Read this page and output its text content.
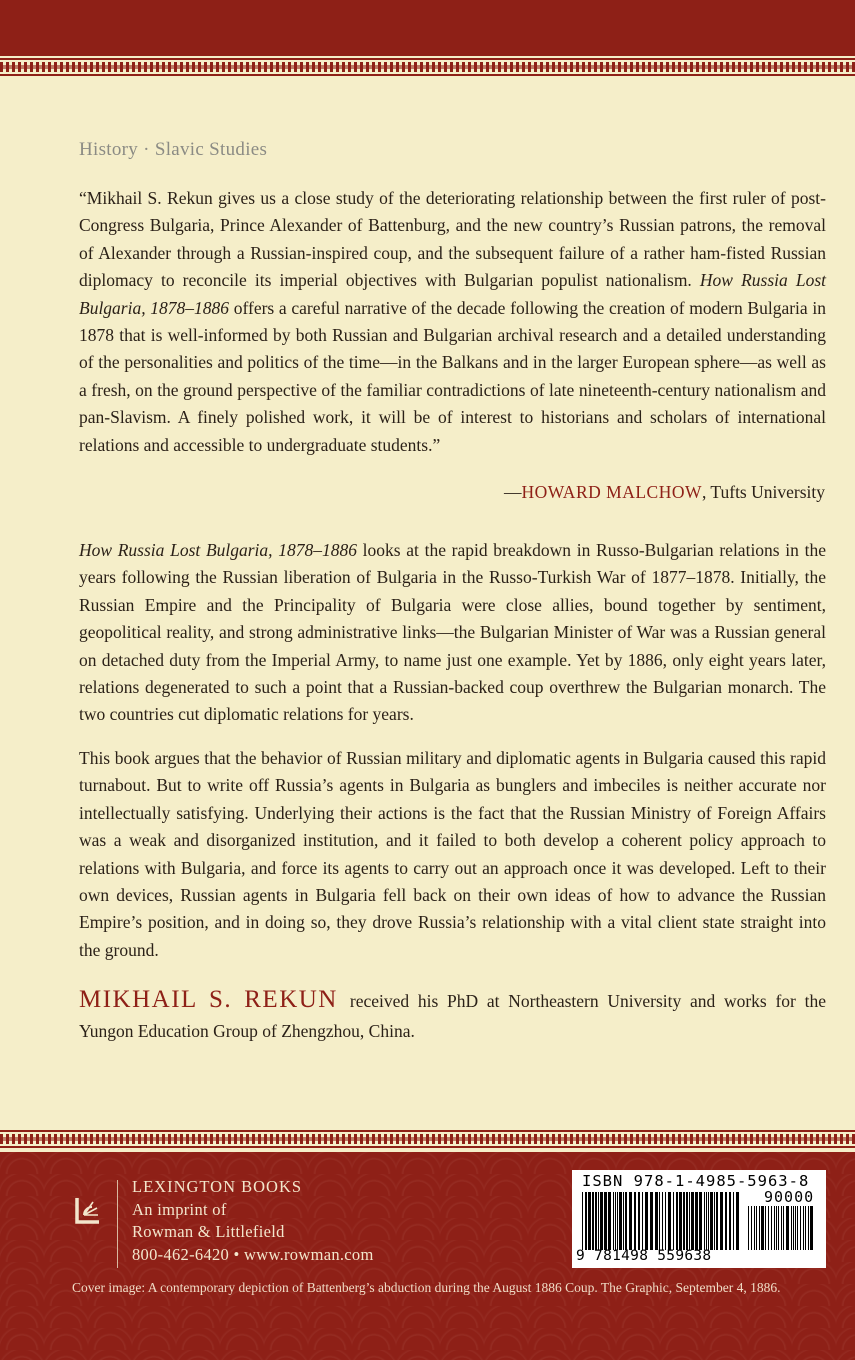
History · Slavic Studies
“Mikhail S. Rekun gives us a close study of the deteriorating relationship between the first ruler of post-Congress Bulgaria, Prince Alexander of Battenburg, and the new country’s Russian patrons, the removal of Alexander through a Russian-inspired coup, and the subsequent failure of a rather ham-fisted Russian diplomacy to reconcile its imperial objectives with Bulgarian populist nationalism. How Russia Lost Bulgaria, 1878–1886 offers a careful narrative of the decade following the creation of modern Bulgaria in 1878 that is well-informed by both Russian and Bulgarian archival research and a detailed understanding of the personalities and politics of the time—in the Balkans and in the larger European sphere—as well as a fresh, on the ground perspective of the familiar contradictions of late nineteenth-century nationalism and pan-Slavism. A finely polished work, it will be of interest to historians and scholars of international relations and accessible to undergraduate students.”
—HOWARD MALCHOW, Tufts University
How Russia Lost Bulgaria, 1878–1886 looks at the rapid breakdown in Russo-Bulgarian relations in the years following the Russian liberation of Bulgaria in the Russo-Turkish War of 1877–1878. Initially, the Russian Empire and the Principality of Bulgaria were close allies, bound together by sentiment, geopolitical reality, and strong administrative links—the Bulgarian Minister of War was a Russian general on detached duty from the Imperial Army, to name just one example. Yet by 1886, only eight years later, relations degenerated to such a point that a Russian-backed coup overthrew the Bulgarian monarch. The two countries cut diplomatic relations for years.
This book argues that the behavior of Russian military and diplomatic agents in Bulgaria caused this rapid turnabout. But to write off Russia’s agents in Bulgaria as bunglers and imbeciles is neither accurate nor intellectually satisfying. Underlying their actions is the fact that the Russian Ministry of Foreign Affairs was a weak and disorganized institution, and it failed to both develop a coherent policy approach to relations with Bulgaria, and force its agents to carry out an approach once it was developed. Left to their own devices, Russian agents in Bulgaria fell back on their own ideas of how to advance the Russian Empire’s position, and in doing so, they drove Russia’s relationship with a vital client state straight into the ground.
MIKHAIL S. REKUN received his PhD at Northeastern University and works for the Yungon Education Group of Zhengzhou, China.
LEXINGTON BOOKS
An imprint of
Rowman & Littlefield
800-462-6420 • www.rowman.com
ISBN 978-1-4985-5963-8
90000
9 781498 559638
Cover image: A contemporary depiction of Battenberg’s abduction during the August 1886 Coup. The Graphic, September 4, 1886.
